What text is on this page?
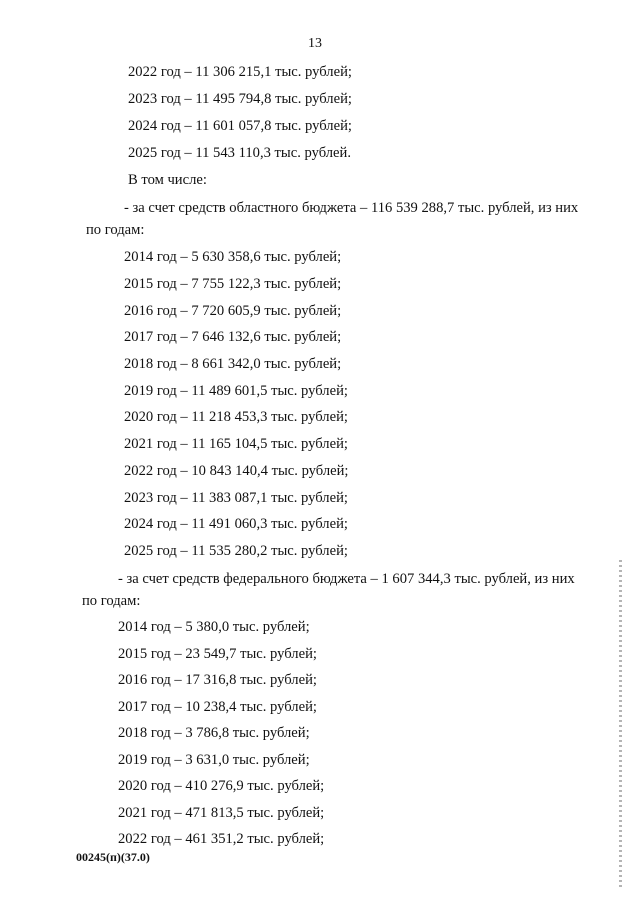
13
2022 год – 11 306 215,1 тыс. рублей;
2023 год – 11 495 794,8 тыс. рублей;
2024 год – 11 601 057,8 тыс. рублей;
2025 год – 11 543 110,3 тыс. рублей.
В том числе:
- за счет средств областного бюджета – 116 539 288,7 тыс. рублей, из них
по годам:
2014 год – 5 630 358,6 тыс. рублей;
2015 год – 7 755 122,3 тыс. рублей;
2016 год – 7 720 605,9 тыс. рублей;
2017 год – 7 646 132,6 тыс. рублей;
2018 год – 8 661 342,0 тыс. рублей;
2019 год – 11 489 601,5 тыс. рублей;
2020 год – 11 218 453,3 тыс. рублей;
2021 год – 11 165 104,5 тыс. рублей;
2022 год – 10 843 140,4 тыс. рублей;
2023 год – 11 383 087,1 тыс. рублей;
2024 год – 11 491 060,3 тыс. рублей;
2025 год – 11 535 280,2 тыс. рублей;
- за счет средств федерального бюджета – 1 607 344,3 тыс. рублей, из них
по годам:
2014 год – 5 380,0 тыс. рублей;
2015 год – 23 549,7 тыс. рублей;
2016 год – 17 316,8 тыс. рублей;
2017 год – 10 238,4 тыс. рублей;
2018 год – 3 786,8 тыс. рублей;
2019 год – 3 631,0 тыс. рублей;
2020 год – 410 276,9 тыс. рублей;
2021 год – 471 813,5 тыс. рублей;
2022 год – 461 351,2 тыс. рублей;
00245(п)(37.0)
